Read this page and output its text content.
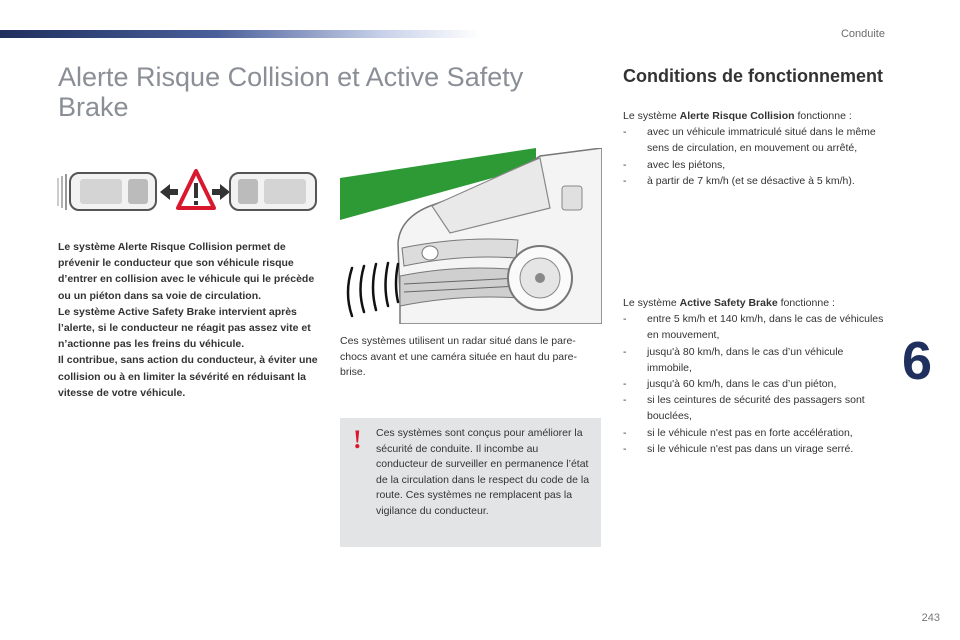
Conduite
Alerte Risque Collision et Active Safety Brake

Le système Alerte Risque Collision permet de prévenir le conducteur que son véhicule risque d’entrer en collision avec le véhicule qui le précède ou un piéton dans sa voie de circulation.

Le système Active Safety Brake intervient après l’alerte, si le conducteur ne réagit pas assez vite et n’actionne pas les freins du véhicule.

Il contribue, sans action du conducteur, à éviter une collision ou à en limiter la sévérité en réduisant la vitesse de votre véhicule.

Ces systèmes utilisent un radar situé dans le pare-chocs avant et une caméra située en haut du pare-brise.
! Ces systèmes sont conçus pour améliorer la sécurité de conduite. Il incombe au conducteur de surveiller en permanence l’état de la circulation dans le respect du code de la route. Ces systèmes ne remplacent pas la vigilance du conducteur.
Conditions de fonctionnement
Le système Alerte Risque Collision fonctionne :
- avec un véhicule immatriculé situé dans le même sens de circulation, en mouvement ou arrêté,
- avec les piétons,
- à partir de 7 km/h (et se désactive à 5 km/h).
Le système Active Safety Brake fonctionne :
- entre 5 km/h et 140 km/h, dans le cas de véhicules en mouvement,
- jusqu'à 80 km/h, dans le cas d’un véhicule immobile,
- jusqu'à 60 km/h, dans le cas d’un piéton,
- si les ceintures de sécurité des passagers sont bouclées,
- si le véhicule n'est pas en forte accélération,
- si le véhicule n'est pas dans un virage serré.
6
243
